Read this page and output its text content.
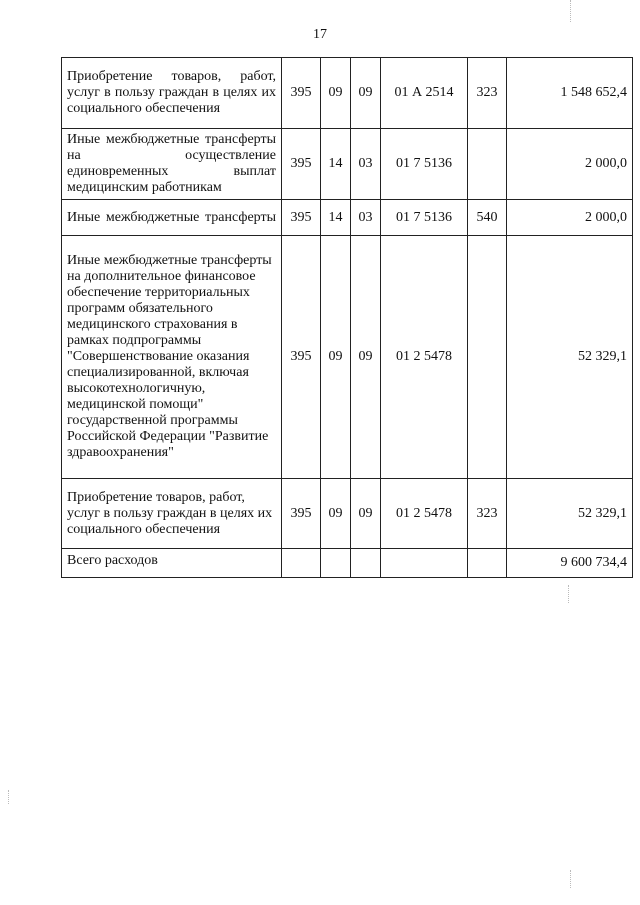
17
Приобретение товаров, работ, услуг в пользу граждан в целях их социального обеспечения	395	09	09	01 А 2514	323	1 548 652,4
Иные межбюджетные трансферты на осуществление единовременных выплат медицинским работникам	395	14	03	01 7 5136		2 000,0
Иные межбюджетные трансферты	395	14	03	01 7 5136	540	2 000,0
Иные межбюджетные трансферты на дополнительное финансовое обеспечение территориальных программ обязательного медицинского страхования в рамках подпрограммы "Совершенствование оказания специализированной, включая высокотехнологичную, медицинской помощи" государственной программы Российской Федерации "Развитие здравоохранения"	395	09	09	01 2 5478		52 329,1
Приобретение товаров, работ, услуг в пользу граждан в целях их социального обеспечения	395	09	09	01 2 5478	323	52 329,1
Всего расходов						9 600 734,4
